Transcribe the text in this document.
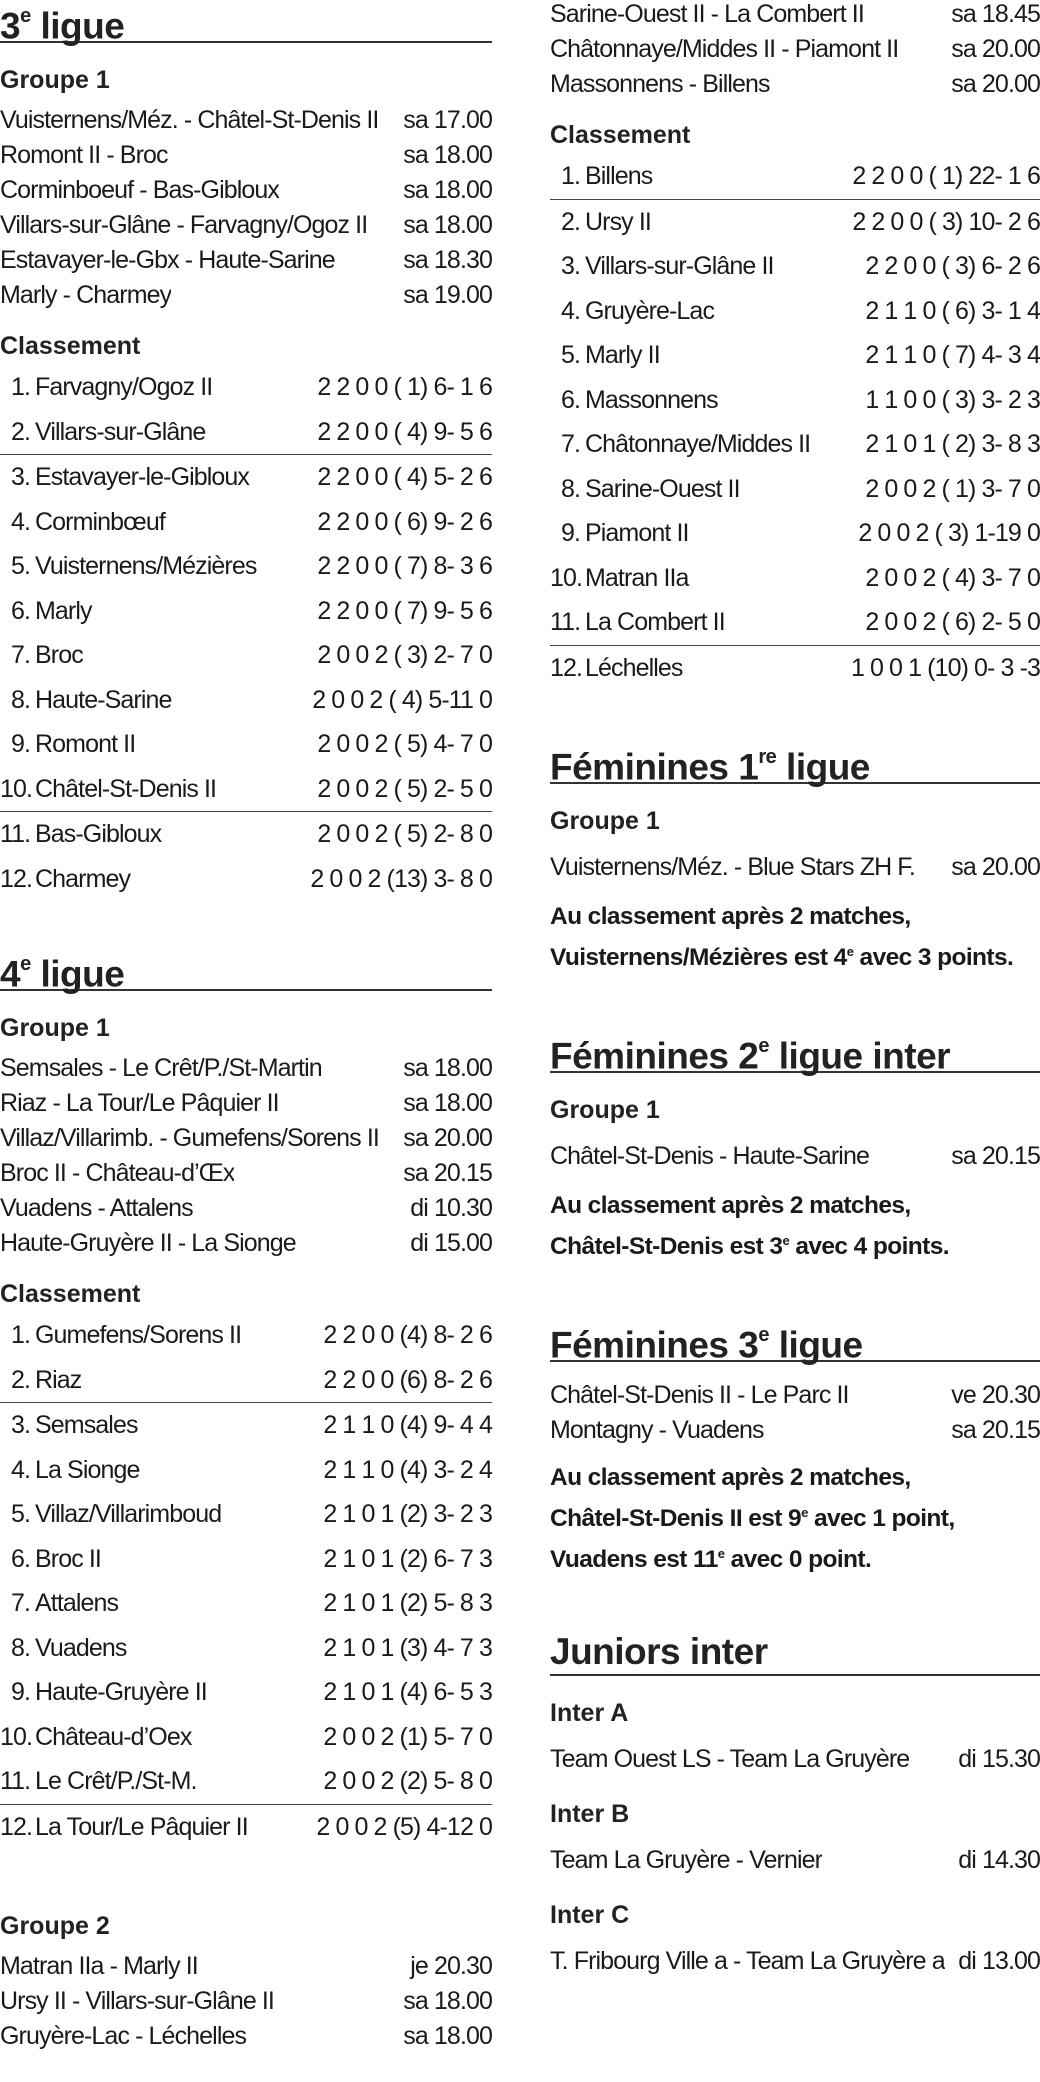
3e ligue
Groupe 1
Vuisternens/Méz. - Châtel-St-Denis II sa 17.00
Romont II - Broc	sa 18.00
Corminboeuf - Bas-Gibloux	sa 18.00
Villars-sur-Glâne - Farvagny/Ogoz II sa 18.00
Estavayer-le-Gbx - Haute-Sarine	sa 18.30
Marly - Charmey	sa 19.00
Classement
1. Farvagny/Ogoz II	2 2 0 0 ( 1) 6- 1 6
2. Villars-sur-Glâne	2 2 0 0 ( 4) 9- 5 6
3. Estavayer-le-Gibloux	2 2 0 0 ( 4) 5- 2 6
4. Corminbœuf	2 2 0 0 ( 6) 9- 2 6
5. Vuisternens/Mézières	2 2 0 0 ( 7) 8- 3 6
6. Marly	2 2 0 0 ( 7) 9- 5 6
7. Broc	2 0 0 2 ( 3) 2- 7 0
8. Haute-Sarine	2 0 0 2 ( 4) 5-11 0
9. Romont II	2 0 0 2 ( 5) 4- 7 0
10. Châtel-St-Denis II	2 0 0 2 ( 5) 2- 5 0
11. Bas-Gibloux	2 0 0 2 ( 5) 2- 8 0
12. Charmey	2 0 0 2 (13) 3- 8 0
4e ligue
Groupe 1
Semsales - Le Crêt/P./St-Martin	sa 18.00
Riaz - La Tour/Le Pâquier II	sa 18.00
Villaz/Villarimb. - Gumefens/Sorens II sa 20.00
Broc II - Château-d’Œx	sa 20.15
Vuadens - Attalens	di 10.30
Haute-Gruyère II - La Sionge	di 15.00
Classement
1. Gumefens/Sorens II	2 2 0 0 (4) 8- 2 6
2. Riaz	2 2 0 0 (6) 8- 2 6
3. Semsales	2 1 1 0 (4) 9- 4 4
4. La Sionge	2 1 1 0 (4) 3- 2 4
5. Villaz/Villarimboud	2 1 0 1 (2) 3- 2 3
6. Broc II	2 1 0 1 (2) 6- 7 3
7. Attalens	2 1 0 1 (2) 5- 8 3
8. Vuadens	2 1 0 1 (3) 4- 7 3
9. Haute-Gruyère II	2 1 0 1 (4) 6- 5 3
10. Château-d’Oex	2 0 0 2 (1) 5- 7 0
11. Le Crêt/P./St-M.	2 0 0 2 (2) 5- 8 0
12. La Tour/Le Pâquier II	2 0 0 2 (5) 4-12 0
Groupe 2
Matran IIa - Marly II	je 20.30
Ursy II - Villars-sur-Glâne II	sa 18.00
Gruyère-Lac - Léchelles	sa 18.00
Sarine-Ouest II - La Combert II	sa 18.45
Châtonnaye/Middes II - Piamont II sa 20.00
Massonnens - Billens	sa 20.00
Classement
1. Billens	2 2 0 0 ( 1) 22- 1 6
2. Ursy II	2 2 0 0 ( 3) 10- 2 6
3. Villars-sur-Glâne II	2 2 0 0 ( 3) 6- 2 6
4. Gruyère-Lac	2 1 1 0 ( 6) 3- 1 4
5. Marly II	2 1 1 0 ( 7) 4- 3 4
6. Massonnens	1 1 0 0 ( 3) 3- 2 3
7. Châtonnaye/Middes II	2 1 0 1 ( 2) 3- 8 3
8. Sarine-Ouest II	2 0 0 2 ( 1) 3- 7 0
9. Piamont II	2 0 0 2 ( 3) 1-19 0
10. Matran IIa	2 0 0 2 ( 4) 3- 7 0
11. La Combert II	2 0 0 2 ( 6) 2- 5 0
12. Léchelles	1 0 0 1 (10) 0- 3 -3
Féminines 1re ligue
Groupe 1
Vuisternens/Méz. - Blue Stars ZH F. sa 20.00
Au classement après 2 matches,
Vuisternens/Mézières est 4e avec 3 points.
Féminines 2e ligue inter
Groupe 1
Châtel-St-Denis - Haute-Sarine	sa 20.15
Au classement après 2 matches,
Châtel-St-Denis est 3e avec 4 points.
Féminines 3e ligue
Châtel-St-Denis II - Le Parc II	ve 20.30
Montagny - Vuadens	sa 20.15
Au classement après 2 matches,
Châtel-St-Denis II est 9e avec 1 point,
Vuadens est 11e avec 0 point.
Juniors inter
Inter A
Team Ouest LS - Team La Gruyère di 15.30
Inter B
Team La Gruyère - Vernier	di 14.30
Inter C
T. Fribourg Ville a - Team La Gruyère a di 13.00
